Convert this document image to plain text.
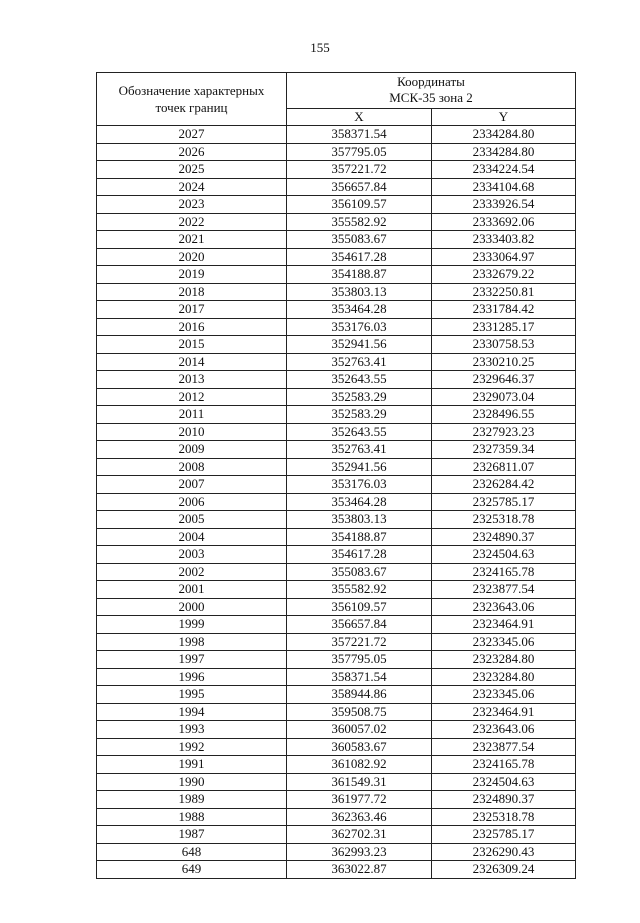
155
Обозначение характерных
точек границ	Координаты
МСК-35 зона 2	

	X	Y
2027	358371.54	2334284.80
2026	357795.05	2334284.80
2025	357221.72	2334224.54
2024	356657.84	2334104.68
2023	356109.57	2333926.54
2022	355582.92	2333692.06
2021	355083.67	2333403.82
2020	354617.28	2333064.97
2019	354188.87	2332679.22
2018	353803.13	2332250.81
2017	353464.28	2331784.42
2016	353176.03	2331285.17
2015	352941.56	2330758.53
2014	352763.41	2330210.25
2013	352643.55	2329646.37
2012	352583.29	2329073.04
2011	352583.29	2328496.55
2010	352643.55	2327923.23
2009	352763.41	2327359.34
2008	352941.56	2326811.07
2007	353176.03	2326284.42
2006	353464.28	2325785.17
2005	353803.13	2325318.78
2004	354188.87	2324890.37
2003	354617.28	2324504.63
2002	355083.67	2324165.78
2001	355582.92	2323877.54
2000	356109.57	2323643.06
1999	356657.84	2323464.91
1998	357221.72	2323345.06
1997	357795.05	2323284.80
1996	358371.54	2323284.80
1995	358944.86	2323345.06
1994	359508.75	2323464.91
1993	360057.02	2323643.06
1992	360583.67	2323877.54
1991	361082.92	2324165.78
1990	361549.31	2324504.63
1989	361977.72	2324890.37
1988	362363.46	2325318.78
1987	362702.31	2325785.17
648	362993.23	2326290.43
649	363022.87	2326309.24
